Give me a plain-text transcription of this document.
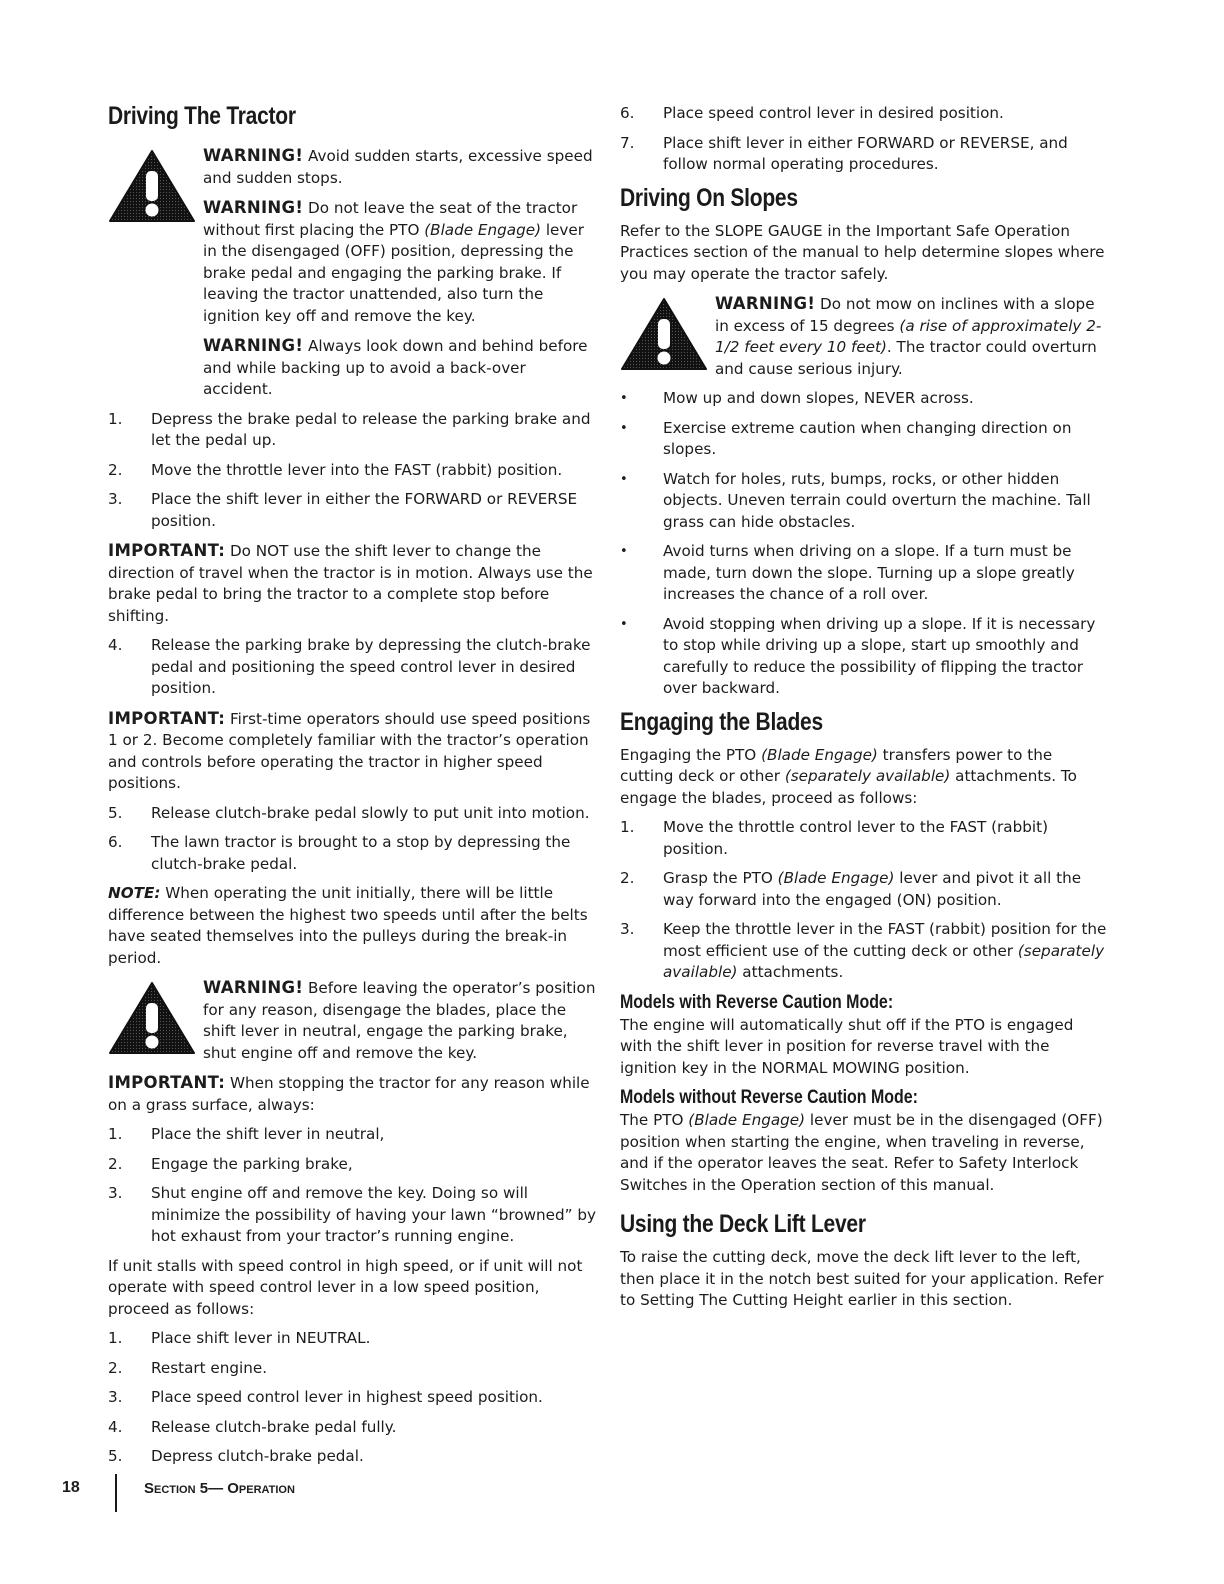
Driving The Tractor

WARNING! Avoid sudden starts, excessive speed and sudden stops.

WARNING! Do not leave the seat of the tractor without first placing the PTO (Blade Engage) lever in the disengaged (OFF) position, depressing the brake pedal and engaging the parking brake. If leaving the tractor unattended, also turn the ignition key off and remove the key.

WARNING! Always look down and behind before and while backing up to avoid a back-over accident.

1. Depress the brake pedal to release the parking brake and let the pedal up.
2. Move the throttle lever into the FAST (rabbit) position.
3. Place the shift lever in either the FORWARD or REVERSE position.

IMPORTANT: Do NOT use the shift lever to change the direction of travel when the tractor is in motion. Always use the brake pedal to bring the tractor to a complete stop before shifting.

4. Release the parking brake by depressing the clutch-brake pedal and positioning the speed control lever in desired position.

IMPORTANT: First-time operators should use speed positions 1 or 2. Become completely familiar with the tractor’s operation and controls before operating the tractor in higher speed positions.

5. Release clutch-brake pedal slowly to put unit into motion.
6. The lawn tractor is brought to a stop by depressing the clutch-brake pedal.

NOTE: When operating the unit initially, there will be little difference between the highest two speeds until after the belts have seated themselves into the pulleys during the break-in period.

WARNING! Before leaving the operator’s position for any reason, disengage the blades, place the shift lever in neutral, engage the parking brake, shut engine off and remove the key.

IMPORTANT: When stopping the tractor for any reason while on a grass surface, always:

1. Place the shift lever in neutral,
2. Engage the parking brake,
3. Shut engine off and remove the key. Doing so will minimize the possibility of having your lawn “browned” by hot exhaust from your tractor’s running engine.

If unit stalls with speed control in high speed, or if unit will not operate with speed control lever in a low speed position, proceed as follows:

1. Place shift lever in NEUTRAL.
2. Restart engine.
3. Place speed control lever in highest speed position.
4. Release clutch-brake pedal fully.
5. Depress clutch-brake pedal.
6. Place speed control lever in desired position.
7. Place shift lever in either FORWARD or REVERSE, and follow normal operating procedures.
Driving On Slopes

Refer to the SLOPE GAUGE in the Important Safe Operation Practices section of the manual to help determine slopes where you may operate the tractor safely.

WARNING! Do not mow on inclines with a slope in excess of 15 degrees (a rise of approximately 2-1/2 feet every 10 feet). The tractor could overturn and cause serious injury.

• Mow up and down slopes, NEVER across.
• Exercise extreme caution when changing direction on slopes.
• Watch for holes, ruts, bumps, rocks, or other hidden objects. Uneven terrain could overturn the machine. Tall grass can hide obstacles.
• Avoid turns when driving on a slope. If a turn must be made, turn down the slope. Turning up a slope greatly increases the chance of a roll over.
• Avoid stopping when driving up a slope. If it is necessary to stop while driving up a slope, start up smoothly and carefully to reduce the possibility of flipping the tractor over backward.
Engaging the Blades

Engaging the PTO (Blade Engage) transfers power to the cutting deck or other (separately available) attachments. To engage the blades, proceed as follows:

1. Move the throttle control lever to the FAST (rabbit) position.
2. Grasp the PTO (Blade Engage) lever and pivot it all the way forward into the engaged (ON) position.
3. Keep the throttle lever in the FAST (rabbit) position for the most efficient use of the cutting deck or other (separately available) attachments.
Models with Reverse Caution Mode:

The engine will automatically shut off if the PTO is engaged with the shift lever in position for reverse travel with the ignition key in the NORMAL MOWING position.

Models without Reverse Caution Mode:

The PTO (Blade Engage) lever must be in the disengaged (OFF) position when starting the engine, when traveling in reverse, and if the operator leaves the seat. Refer to Safety Interlock Switches in the Operation section of this manual.

Using the Deck Lift Lever

To raise the cutting deck, move the deck lift lever to the left, then place it in the notch best suited for your application. Refer to Setting The Cutting Height earlier in this section.

18	Section 5— Operation
